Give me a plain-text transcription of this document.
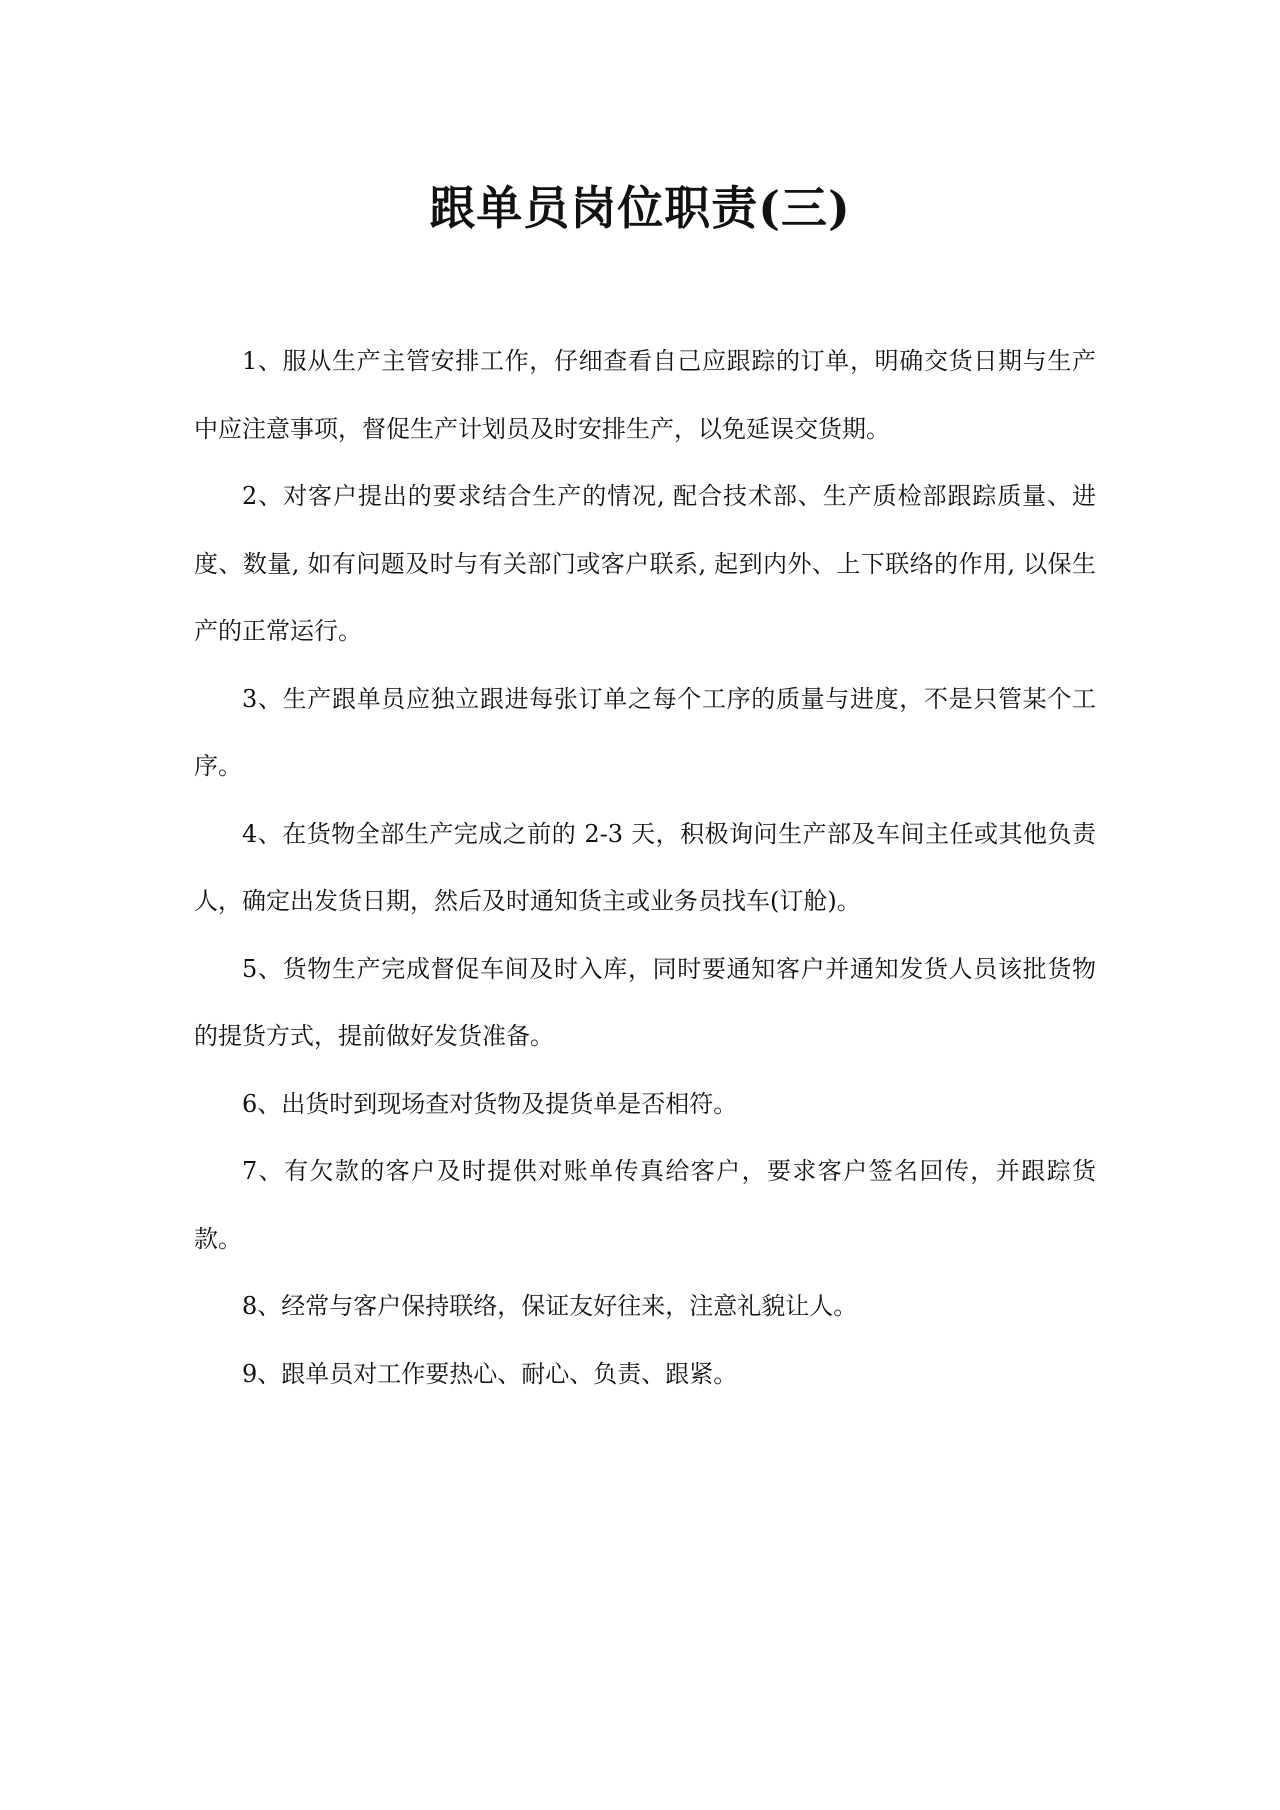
跟单员岗位职责(三)

1、服从生产主管安排工作，仔细查看自己应跟踪的订单，明确交货日期与生产中应注意事项，督促生产计划员及时安排生产，以免延误交货期。

2、对客户提出的要求结合生产的情况, 配合技术部、生产质检部跟踪质量、进度、数量, 如有问题及时与有关部门或客户联系, 起到内外、上下联络的作用, 以保生产的正常运行。

3、生产跟单员应独立跟进每张订单之每个工序的质量与进度，不是只管某个工序。

4、在货物全部生产完成之前的 2-3 天，积极询问生产部及车间主任或其他负责人，确定出发货日期，然后及时通知货主或业务员找车(订舱)。

5、货物生产完成督促车间及时入库，同时要通知客户并通知发货人员该批货物的提货方式，提前做好发货准备。

6、出货时到现场查对货物及提货单是否相符。

7、有欠款的客户及时提供对账单传真给客户，要求客户签名回传，并跟踪货款。

8、经常与客户保持联络，保证友好往来，注意礼貌让人。

9、跟单员对工作要热心、耐心、负责、跟紧。
